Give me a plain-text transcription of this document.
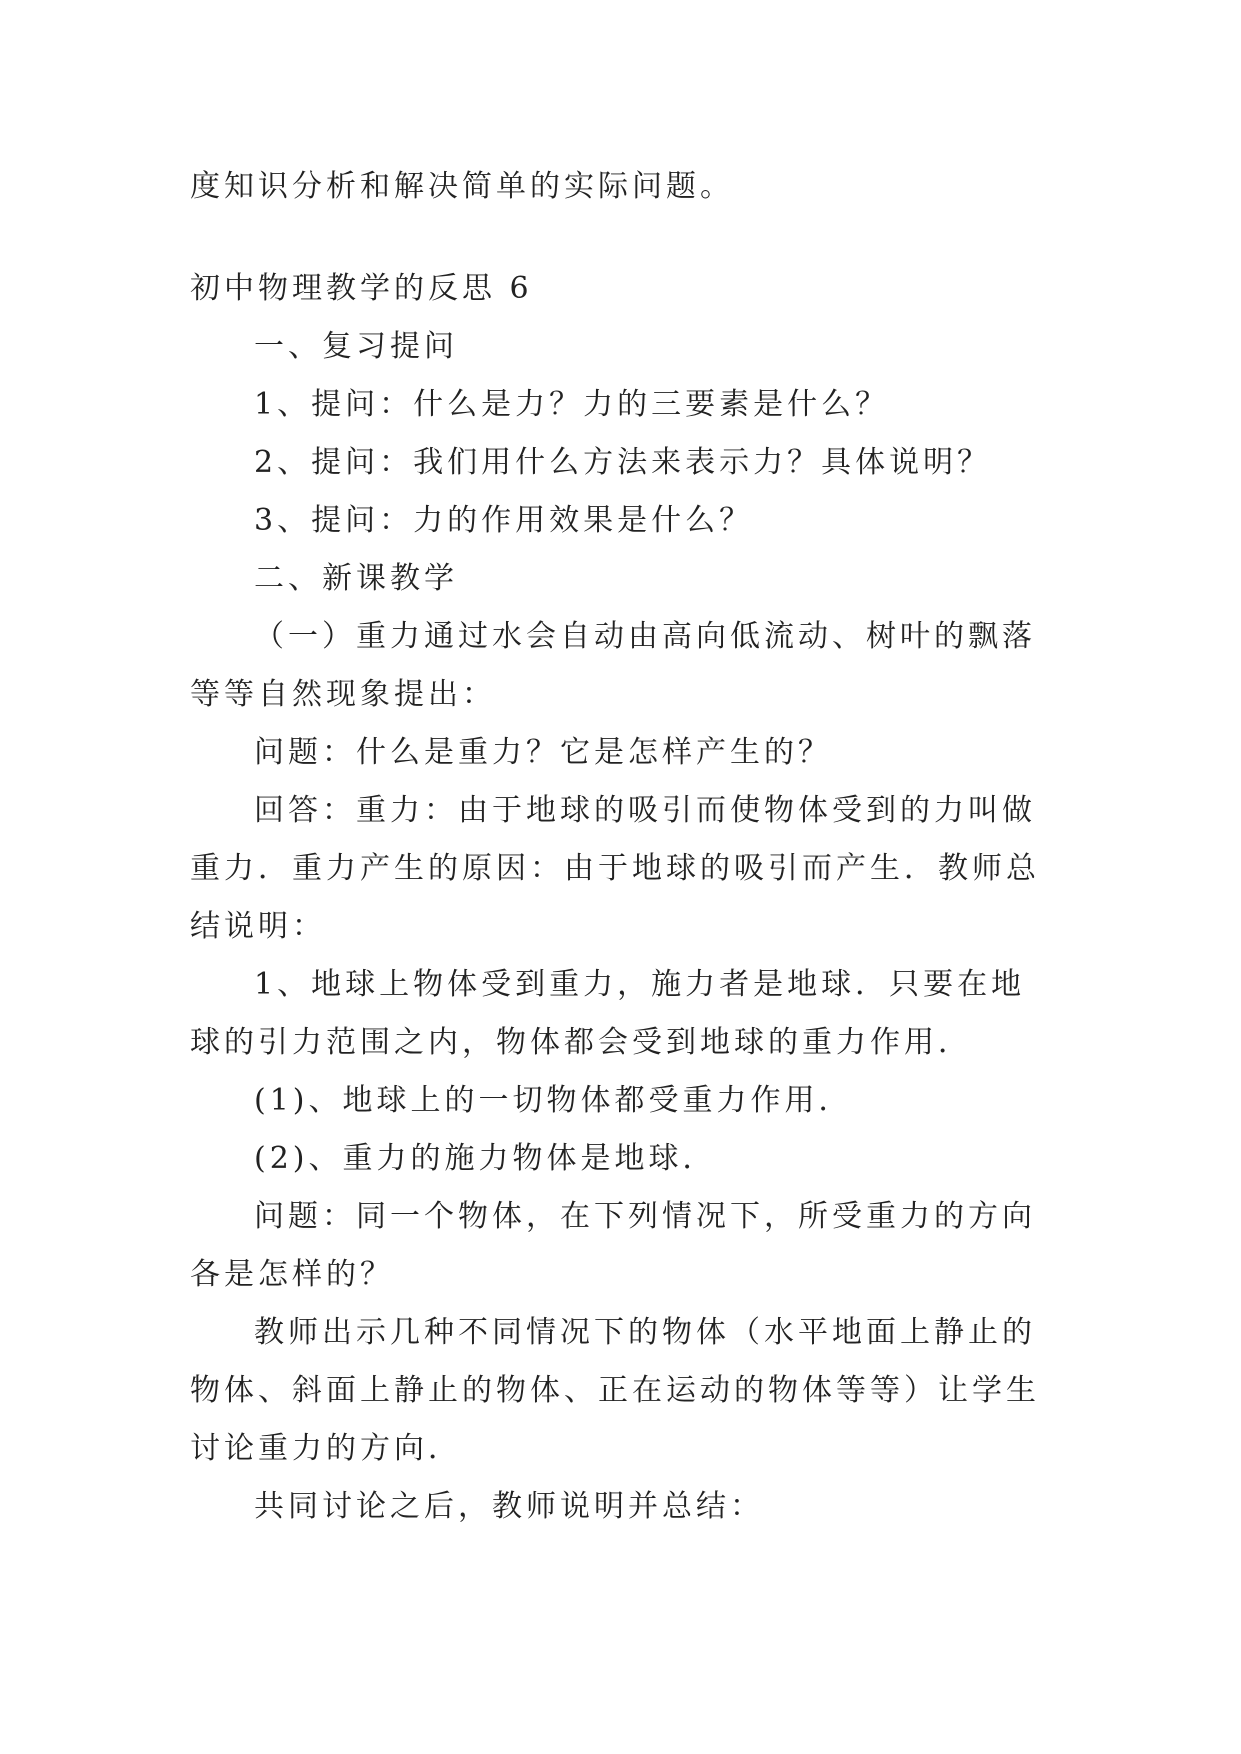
度知识分析和解决简单的实际问题。

初中物理教学的反思 6

一、复习提问

1、提问：什么是力？力的三要素是什么？

2、提问：我们用什么方法来表示力？具体说明？

3、提问：力的作用效果是什么？

二、新课教学

（一）重力通过水会自动由高向低流动、树叶的飘落等等自然现象提出：

问题：什么是重力？它是怎样产生的？

回答：重力：由于地球的吸引而使物体受到的力叫做重力．重力产生的原因：由于地球的吸引而产生．教师总结说明：

1、地球上物体受到重力，施力者是地球．只要在地球的引力范围之内，物体都会受到地球的重力作用．

(1)、地球上的一切物体都受重力作用．

(2)、重力的施力物体是地球．

问题：同一个物体，在下列情况下，所受重力的方向各是怎样的？

教师出示几种不同情况下的物体（水平地面上静止的物体、斜面上静止的物体、正在运动的物体等等）让学生讨论重力的方向．

共同讨论之后，教师说明并总结：
